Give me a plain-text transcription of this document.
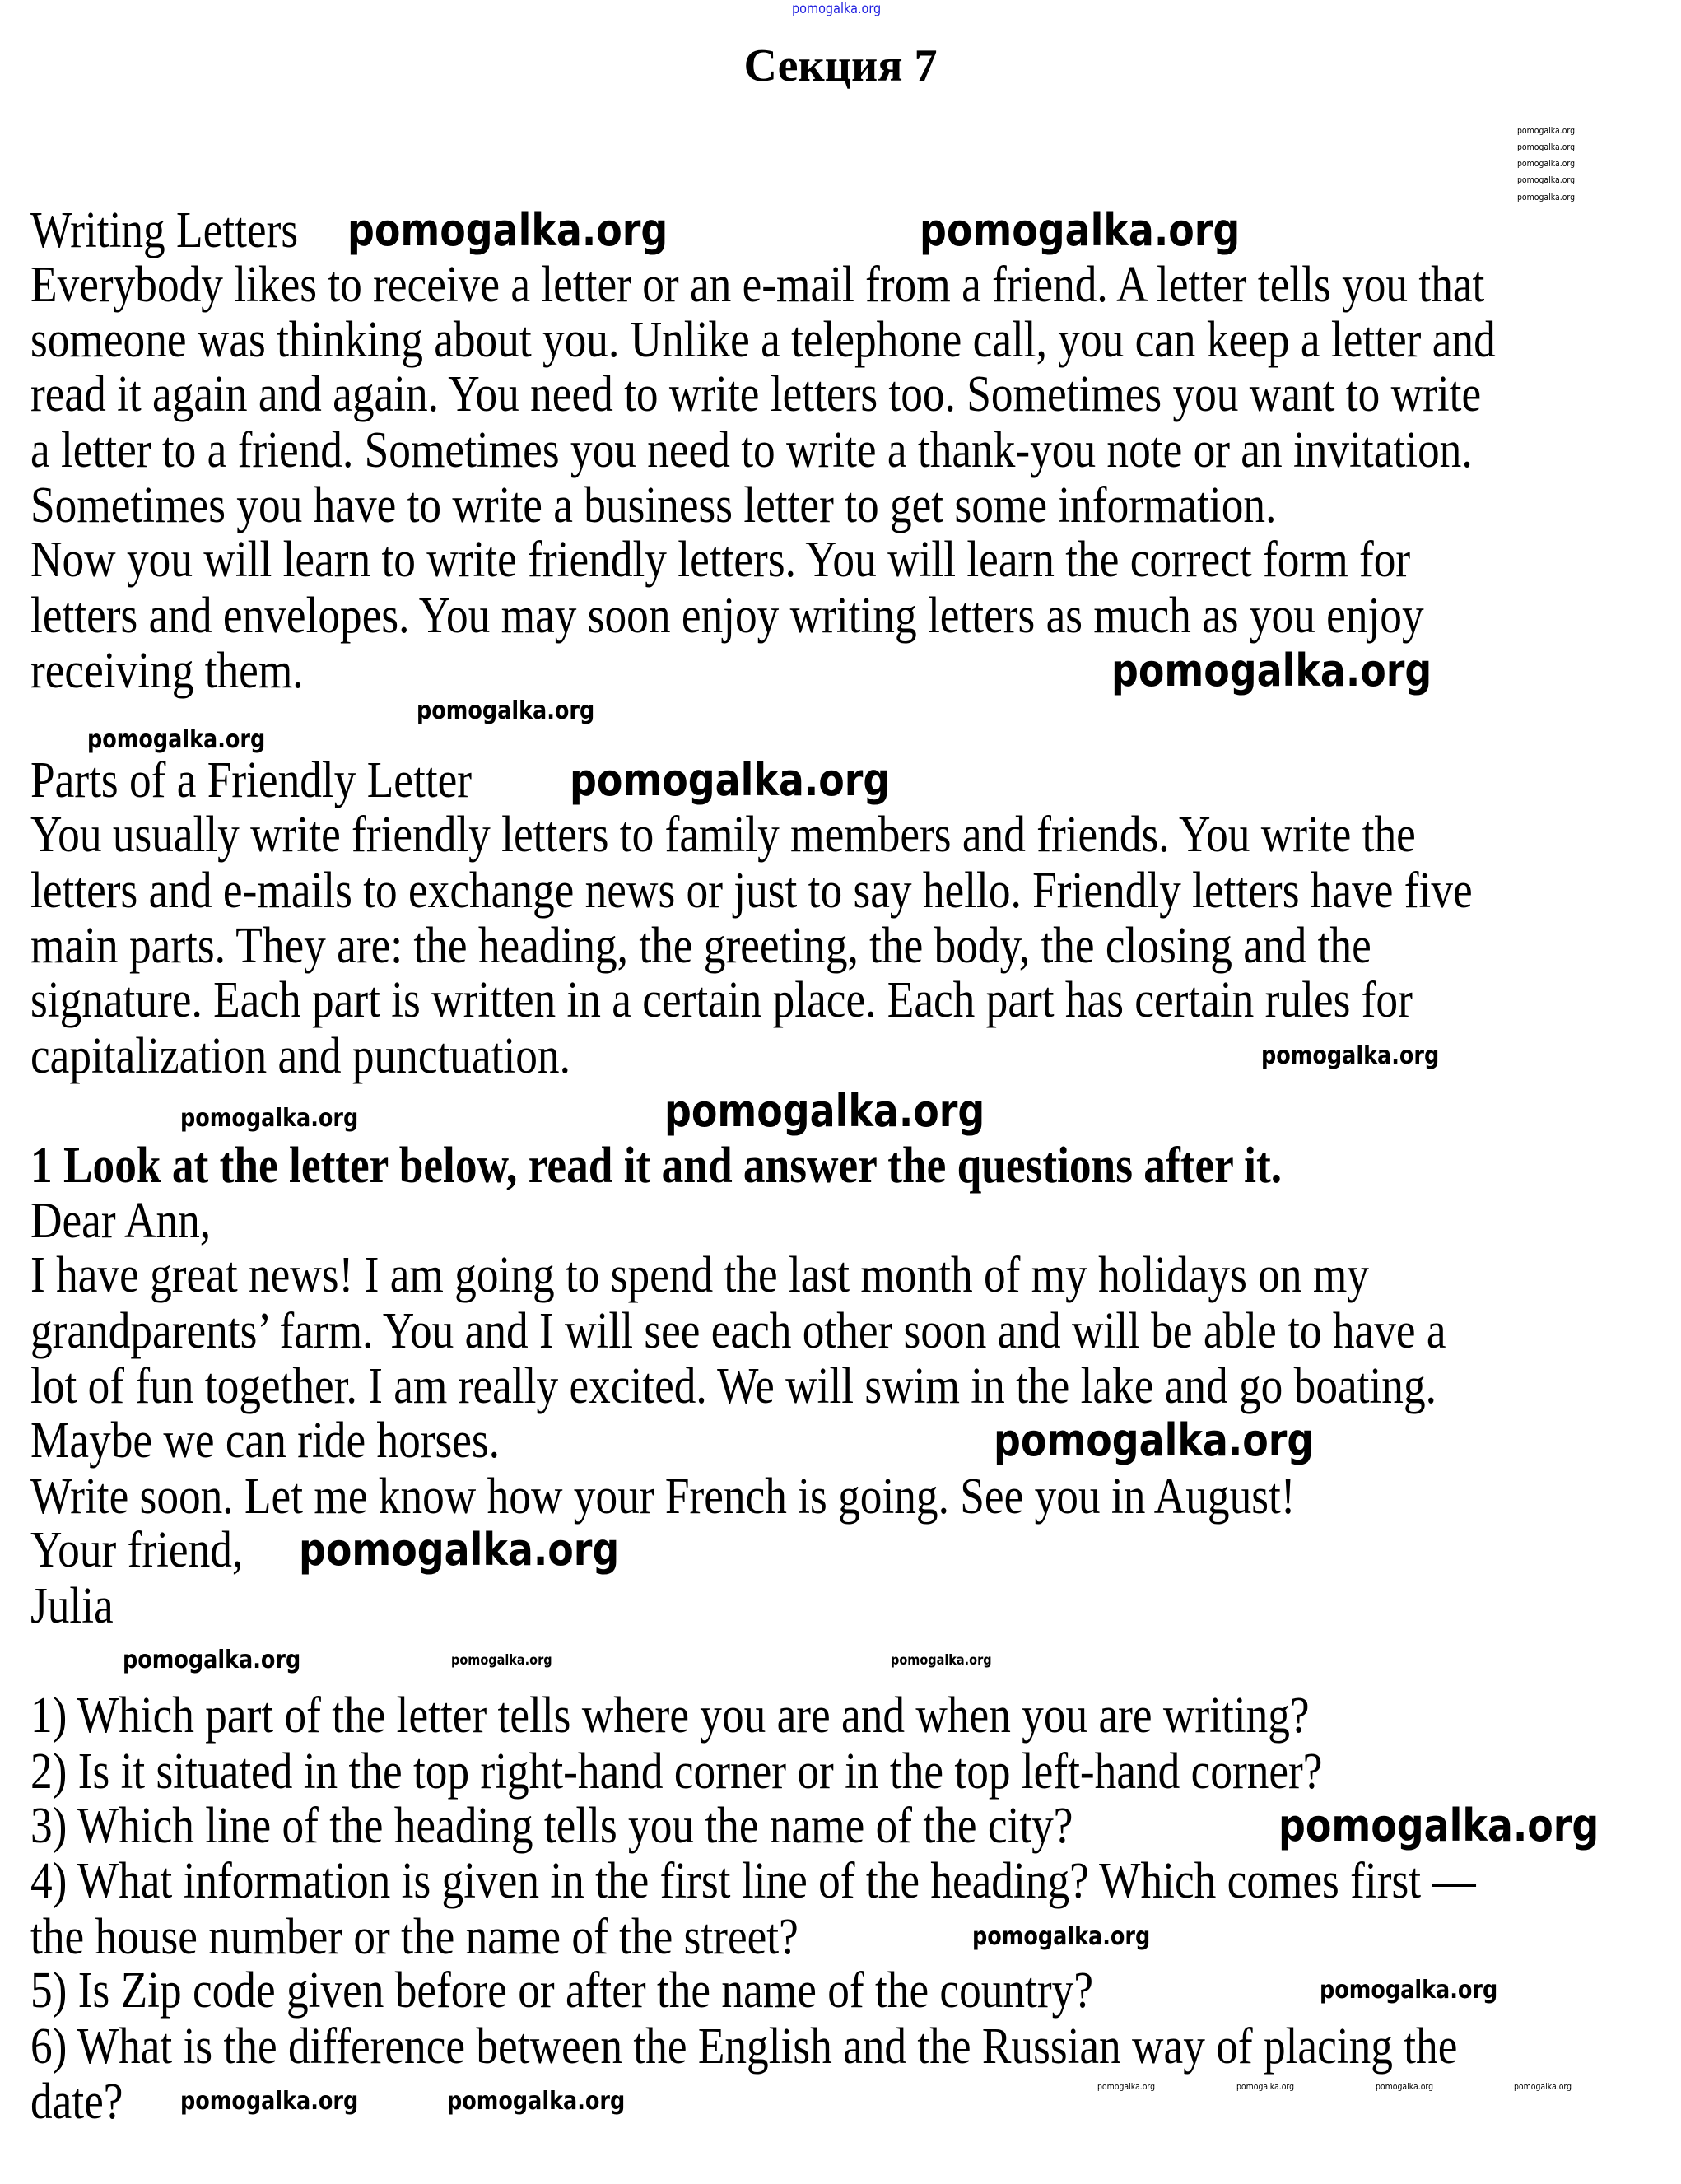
pomogalka.org
Секция 7
Writing Letters
Everybody likes to receive a letter or an e-mail from a friend. A letter tells you that
someone was thinking about you. Unlike a telephone call, you can keep a letter and
read it again and again. You need to write letters too. Sometimes you want to write
a letter to a friend. Sometimes you need to write a thank-you note or an invitation.
Sometimes you have to write a business letter to get some information.
Now you will learn to write friendly letters. You will learn the correct form for
letters and envelopes. You may soon enjoy writing letters as much as you enjoy
receiving them.
Parts of a Friendly Letter
You usually write friendly letters to family members and friends. You write the
letters and e-mails to exchange news or just to say hello. Friendly letters have five
main parts. They are: the heading, the greeting, the body, the closing and the
signature. Each part is written in a certain place. Each part has certain rules for
capitalization and punctuation.
1 Look at the letter below, read it and answer the questions after it.
Dear Ann,
I have great news! I am going to spend the last month of my holidays on my
grandparents’ farm. You and I will see each other soon and will be able to have a
lot of fun together. I am really excited. We will swim in the lake and go boating.
Maybe we can ride horses.
Write soon. Let me know how your French is going. See you in August!
Your friend,
Julia
1) Which part of the letter tells where you are and when you are writing?
2) Is it situated in the top right-hand corner or in the top left-hand corner?
3) Which line of the heading tells you the name of the city?
4) What information is given in the first line of the heading? Which comes first —
the house number or the name of the street?
5) Is Zip code given before or after the name of the country?
6) What is the difference between the English and the Russian way of placing the
date?
pomogalka.org	pomogalka.org
pomogalka.org
pomogalka.org
pomogalka.org
pomogalka.org
pomogalka.org
pomogalka.org
pomogalka.org
pomogalka.org
pomogalka.org
pomogalka.org
pomogalka.org
pomogalka.org
pomogalka.org
pomogalka.org	pomogalka.org
pomogalka.org
pomogalka.org
pomogalka.org
pomogalka.org
pomogalka.org
pomogalka.org
pomogalka.org
pomogalka.org	pomogalka.org	pomogalka.org	pomogalka.org
